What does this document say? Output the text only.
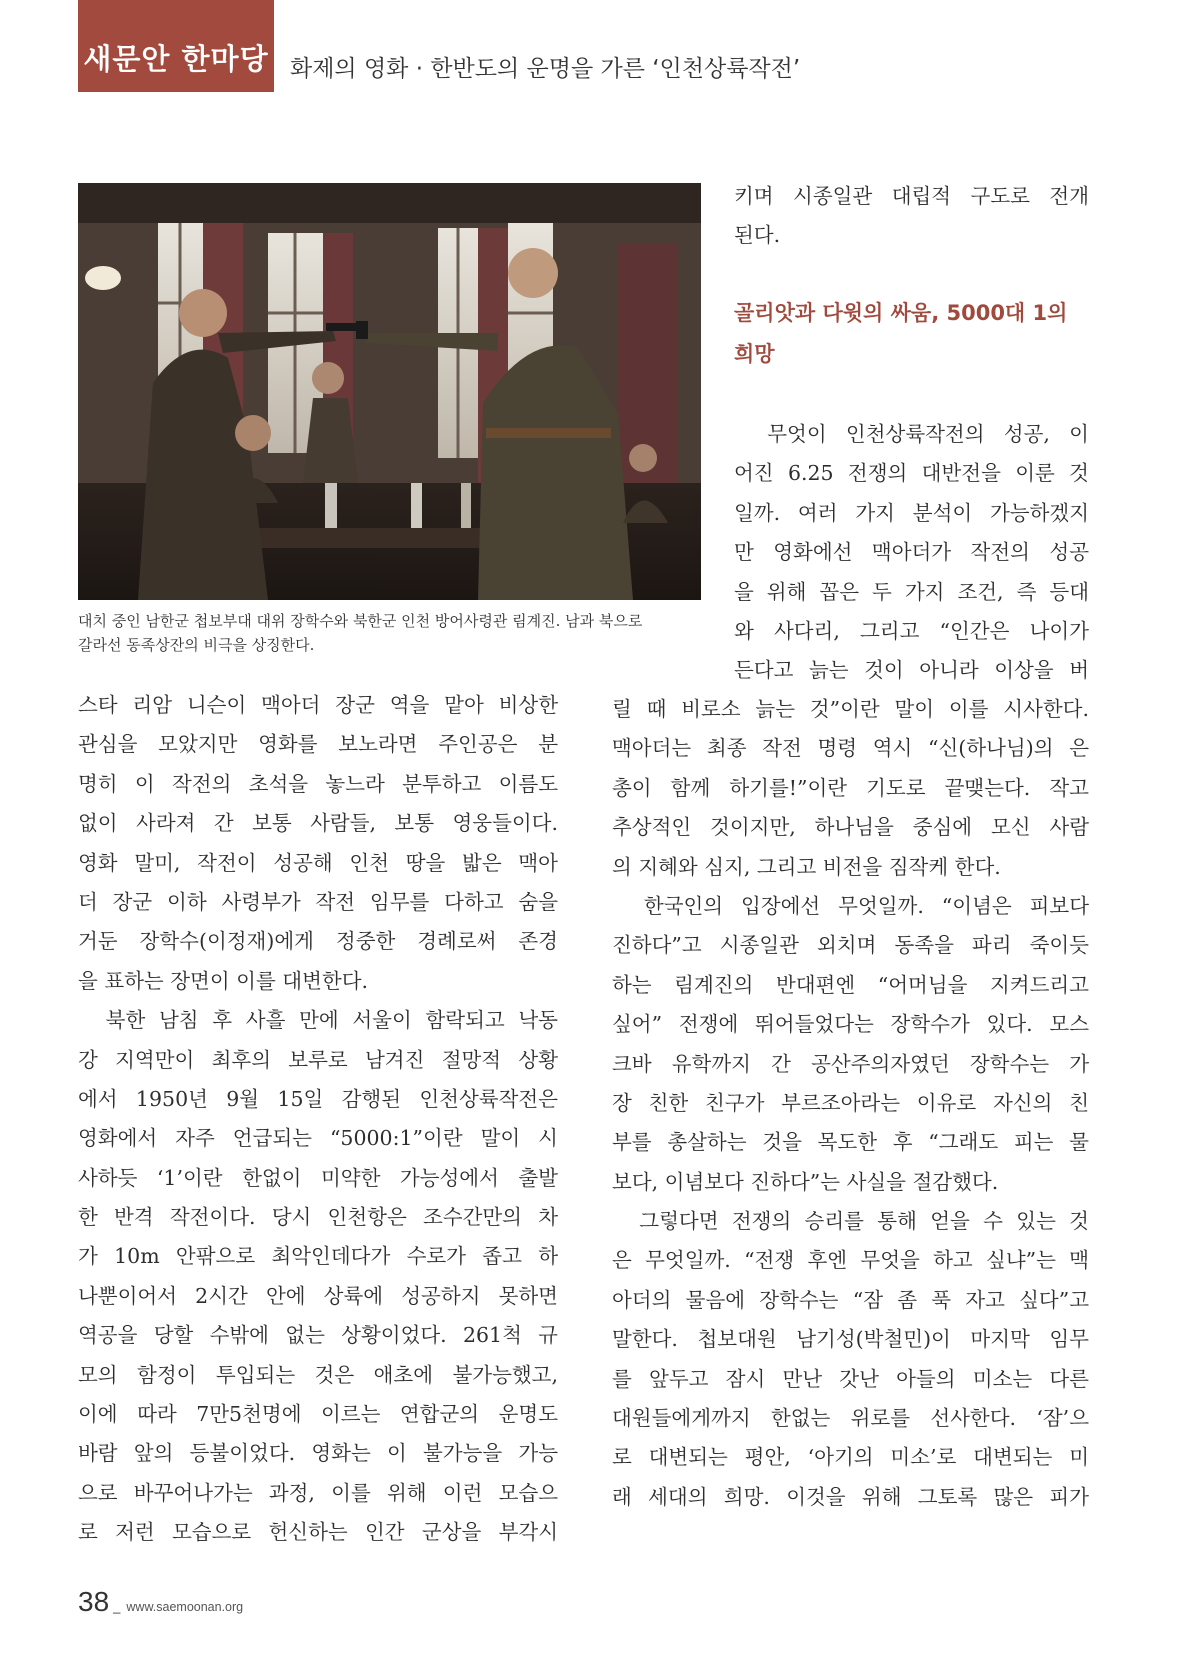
새문안 한마당 화제의 영화 · 한반도의 운명을 가른 ‘인천상륙작전’
대치 중인 남한군 첩보부대 대위 장학수와 북한군 인천 방어사령관 림계진. 남과 북으로
갈라선 동족상잔의 비극을 상징한다.
스타 리암 니슨이 맥아더 장군 역을 맡아 비상한
관심을 모았지만 영화를 보노라면 주인공은 분
명히 이 작전의 초석을 놓느라 분투하고 이름도
없이 사라져 간 보통 사람들, 보통 영웅들이다.
영화 말미, 작전이 성공해 인천 땅을 밟은 맥아
더 장군 이하 사령부가 작전 임무를 다하고 숨을
거둔 장학수(이정재)에게 정중한 경례로써 존경
을 표하는 장면이 이를 대변한다.
　북한 남침 후 사흘 만에 서울이 함락되고 낙동
강 지역만이 최후의 보루로 남겨진 절망적 상황
에서 1950년 9월 15일 감행된 인천상륙작전은
영화에서 자주 언급되는 “5000:1”이란 말이 시
사하듯 ‘1’이란 한없이 미약한 가능성에서 출발
한 반격 작전이다. 당시 인천항은 조수간만의 차
가 10m 안팎으로 최악인데다가 수로가 좁고 하
나뿐이어서 2시간 안에 상륙에 성공하지 못하면
역공을 당할 수밖에 없는 상황이었다. 261척 규
모의 함정이 투입되는 것은 애초에 불가능했고,
이에 따라 7만5천명에 이르는 연합군의 운명도
바람 앞의 등불이었다. 영화는 이 불가능을 가능
으로 바꾸어나가는 과정, 이를 위해 이런 모습으
로 저런 모습으로 헌신하는 인간 군상을 부각시
키며 시종일관 대립적 구도로 전개
된다.
골리앗과 다윗의 싸움, 5000대 1의
희망
　무엇이 인천상륙작전의 성공, 이
어진 6.25 전쟁의 대반전을 이룬 것
일까. 여러 가지 분석이 가능하겠지
만 영화에선 맥아더가 작전의 성공
을 위해 꼽은 두 가지 조건, 즉 등대
와 사다리, 그리고 “인간은 나이가
든다고 늙는 것이 아니라 이상을 버
릴 때 비로소 늙는 것”이란 말이 이를 시사한다.
맥아더는 최종 작전 명령 역시 “신(하나님)의 은
총이 함께 하기를!”이란 기도로 끝맺는다. 작고
추상적인 것이지만, 하나님을 중심에 모신 사람
의 지혜와 심지, 그리고 비전을 짐작케 한다.
　한국인의 입장에선 무엇일까. “이념은 피보다
진하다”고 시종일관 외치며 동족을 파리 죽이듯
하는 림계진의 반대편엔 “어머님을 지켜드리고
싶어” 전쟁에 뛰어들었다는 장학수가 있다. 모스
크바 유학까지 간 공산주의자였던 장학수는 가
장 친한 친구가 부르조아라는 이유로 자신의 친
부를 총살하는 것을 목도한 후 “그래도 피는 물
보다, 이념보다 진하다”는 사실을 절감했다.
　그렇다면 전쟁의 승리를 통해 얻을 수 있는 것
은 무엇일까. “전쟁 후엔 무엇을 하고 싶냐”는 맥
아더의 물음에 장학수는 “잠 좀 푹 자고 싶다”고
말한다. 첩보대원 남기성(박철민)이 마지막 임무
를 앞두고 잠시 만난 갓난 아들의 미소는 다른
대원들에게까지 한없는 위로를 선사한다. ‘잠’으
로 대변되는 평안, ‘아기의 미소’로 대변되는 미
래 세대의 희망. 이것을 위해 그토록 많은 피가
38 _ www.saemoonan.org
